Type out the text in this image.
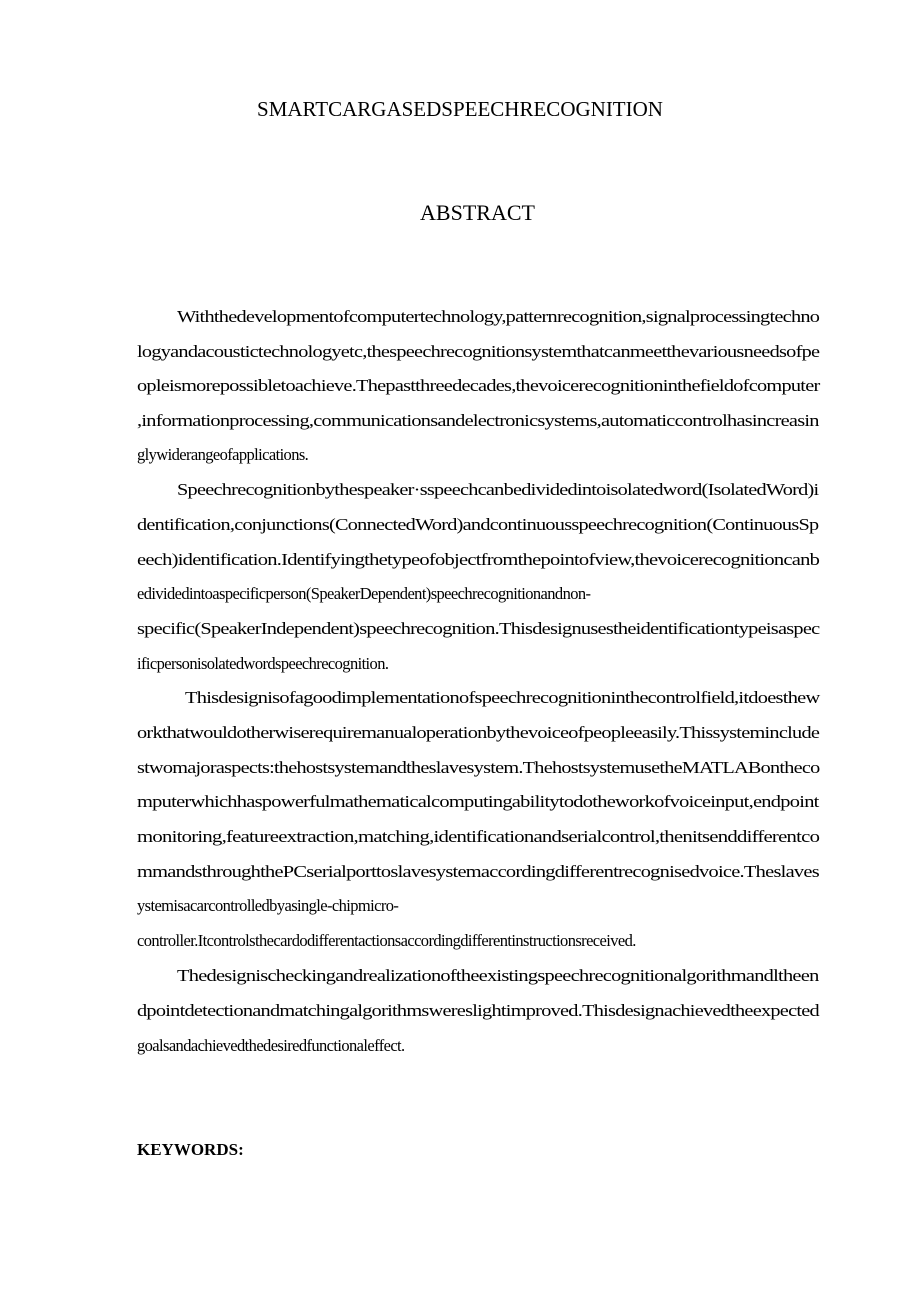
SMARTCARGASEDSPEECHRECOGNITION
ABSTRACT
Withthedevelopmentofcomputertechnology,patternrecognition,signalprocessingtechno
logyandacoustictechnologyetc,thespeechrecognitionsystemthatcanmeetthevariousneedsofpe
opleismorepossibletoachieve.Thepastthreedecades,thevoicerecognitioninthefieldofcomputer
,informationprocessing,communicationsandelectronicsystems,automaticcontrolhasincreasin
glywiderangeofapplications.
Speechrecognitionbythespeaker·sspeechcanbedividedintoisolatedword(IsolatedWord)i
dentification,conjunctions(ConnectedWord)andcontinuousspeechrecognition(ContinuousSp
eech)identification.Identifyingthetypeofobjectfromthepointofview,thevoicerecognitioncanb
edividedintoaspecificperson(SpeakerDependent)speechrecognitionandnon-
specific(SpeakerIndependent)speechrecognition.Thisdesignusestheidentificationtypeisaspec
ificpersonisolatedwordspeechrecognition.
Thisdesignisofagoodimplementationofspeechrecognitioninthecontrolfield,itdoesthew
orkthatwouldotherwiserequiremanualoperationbythevoiceofpeopleeasily.Thissysteminclude
stwomajoraspects:thehostsystemandtheslavesystem.ThehostsystemusetheMATLABontheco
mputerwhichhaspowerfulmathematicalcomputingabilitytodotheworkofvoiceinput,endpoint
monitoring,featureextraction,matching,identificationandserialcontrol,thenitsenddifferentco
mmandsthroughthePCserialporttoslavesystemaccordingdifferentrecognisedvoice.Theslaves
ystemisacarcontrolledbyasingle-chipmicro-
controller.Itcontrolsthecardodifferentactionsaccordingdifferentinstructionsreceived.
Thedesignischeckingandrealizationoftheexistingspeechrecognitionalgorithmandltheen
dpointdetectionandmatchingalgorithmswereslightimproved.Thisdesignachievedtheexpected
goalsandachievedthedesiredfunctionaleffect.
KEYWORDS:
